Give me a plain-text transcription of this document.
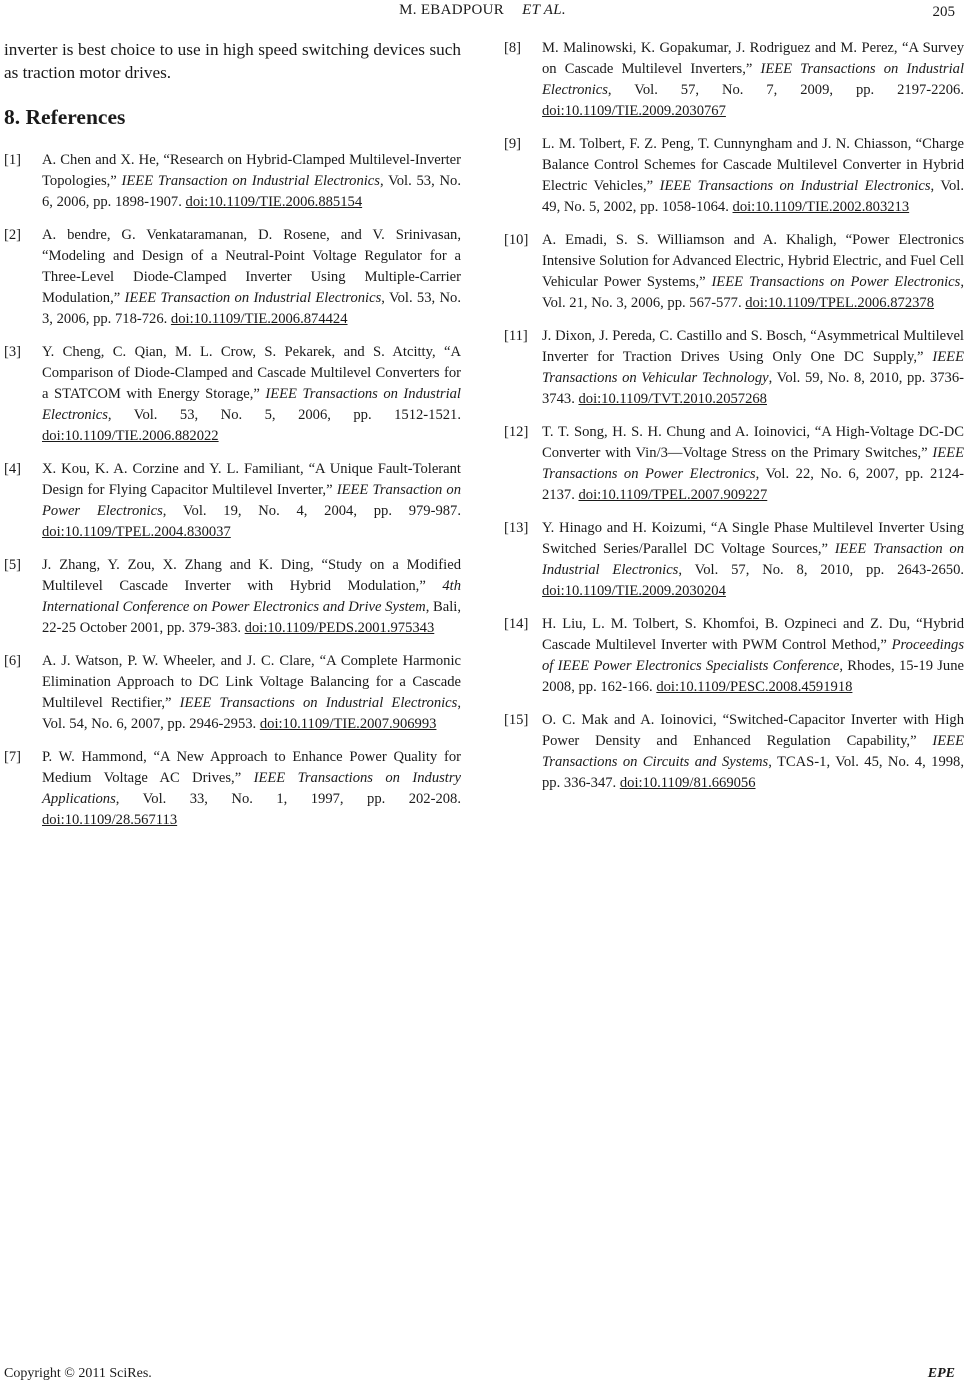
M. EBADPOUR ET AL.	205

inverter is best choice to use in high speed switching devices such as traction motor drives.

8. References
[1] A. Chen and X. He, “Research on Hybrid-Clamped Multilevel-Inverter Topologies,” IEEE Transaction on Industrial Electronics, Vol. 53, No. 6, 2006, pp. 1898-1907. doi:10.1109/TIE.2006.885154
[2] A. bendre, G. Venkataramanan, D. Rosene, and V. Srinivasan, “Modeling and Design of a Neutral-Point Voltage Regulator for a Three-Level Diode-Clamped Inverter Using Multiple-Carrier Modulation,” IEEE Transaction on Industrial Electronics, Vol. 53, No. 3, 2006, pp. 718-726. doi:10.1109/TIE.2006.874424
[3] Y. Cheng, C. Qian, M. L. Crow, S. Pekarek, and S. Atcitty, “A Comparison of Diode-Clamped and Cascade Multilevel Converters for a STATCOM with Energy Storage,” IEEE Transactions on Industrial Electronics, Vol. 53, No. 5, 2006, pp. 1512-1521. doi:10.1109/TIE.2006.882022
[4] X. Kou, K. A. Corzine and Y. L. Familiant, “A Unique Fault-Tolerant Design for Flying Capacitor Multilevel Inverter,” IEEE Transaction on Power Electronics, Vol. 19, No. 4, 2004, pp. 979-987. doi:10.1109/TPEL.2004.830037
[5] J. Zhang, Y. Zou, X. Zhang and K. Ding, “Study on a Modified Multilevel Cascade Inverter with Hybrid Modulation,” 4th International Conference on Power Electronics and Drive System, Bali, 22-25 October 2001, pp. 379-383. doi:10.1109/PEDS.2001.975343
[6] A. J. Watson, P. W. Wheeler, and J. C. Clare, “A Complete Harmonic Elimination Approach to DC Link Voltage Balancing for a Cascade Multilevel Rectifier,” IEEE Transactions on Industrial Electronics, Vol. 54, No. 6, 2007, pp. 2946-2953. doi:10.1109/TIE.2007.906993
[7] P. W. Hammond, “A New Approach to Enhance Power Quality for Medium Voltage AC Drives,” IEEE Transactions on Industry Applications, Vol. 33, No. 1, 1997, pp. 202-208. doi:10.1109/28.567113
[8] M. Malinowski, K. Gopakumar, J. Rodriguez and M. Perez, “A Survey on Cascade Multilevel Inverters,” IEEE Transactions on Industrial Electronics, Vol. 57, No. 7, 2009, pp. 2197-2206. doi:10.1109/TIE.2009.2030767
[9] L. M. Tolbert, F. Z. Peng, T. Cunnyngham and J. N. Chiasson, “Charge Balance Control Schemes for Cascade Multilevel Converter in Hybrid Electric Vehicles,” IEEE Transactions on Industrial Electronics, Vol. 49, No. 5, 2002, pp. 1058-1064. doi:10.1109/TIE.2002.803213
[10] A. Emadi, S. S. Williamson and A. Khaligh, “Power Electronics Intensive Solution for Advanced Electric, Hybrid Electric, and Fuel Cell Vehicular Power Systems,” IEEE Transactions on Power Electronics, Vol. 21, No. 3, 2006, pp. 567-577. doi:10.1109/TPEL.2006.872378
[11] J. Dixon, J. Pereda, C. Castillo and S. Bosch, “Asymmetrical Multilevel Inverter for Traction Drives Using Only One DC Supply,” IEEE Transactions on Vehicular Technology, Vol. 59, No. 8, 2010, pp. 3736-3743. doi:10.1109/TVT.2010.2057268
[12] T. T. Song, H. S. H. Chung and A. Ioinovici, “A High-Voltage DC-DC Converter with Vin/3—Voltage Stress on the Primary Switches,” IEEE Transactions on Power Electronics, Vol. 22, No. 6, 2007, pp. 2124-2137. doi:10.1109/TPEL.2007.909227
[13] Y. Hinago and H. Koizumi, “A Single Phase Multilevel Inverter Using Switched Series/Parallel DC Voltage Sources,” IEEE Transaction on Industrial Electronics, Vol. 57, No. 8, 2010, pp. 2643-2650. doi:10.1109/TIE.2009.2030204
[14] H. Liu, L. M. Tolbert, S. Khomfoi, B. Ozpineci and Z. Du, “Hybrid Cascade Multilevel Inverter with PWM Control Method,” Proceedings of IEEE Power Electronics Specialists Conference, Rhodes, 15-19 June 2008, pp. 162-166. doi:10.1109/PESC.2008.4591918
[15] O. C. Mak and A. Ioinovici, “Switched-Capacitor Inverter with High Power Density and Enhanced Regulation Capability,” IEEE Transactions on Circuits and Systems, TCAS-1, Vol. 45, No. 4, 1998, pp. 336-347. doi:10.1109/81.669056
Copyright © 2011 SciRes.	EPE
